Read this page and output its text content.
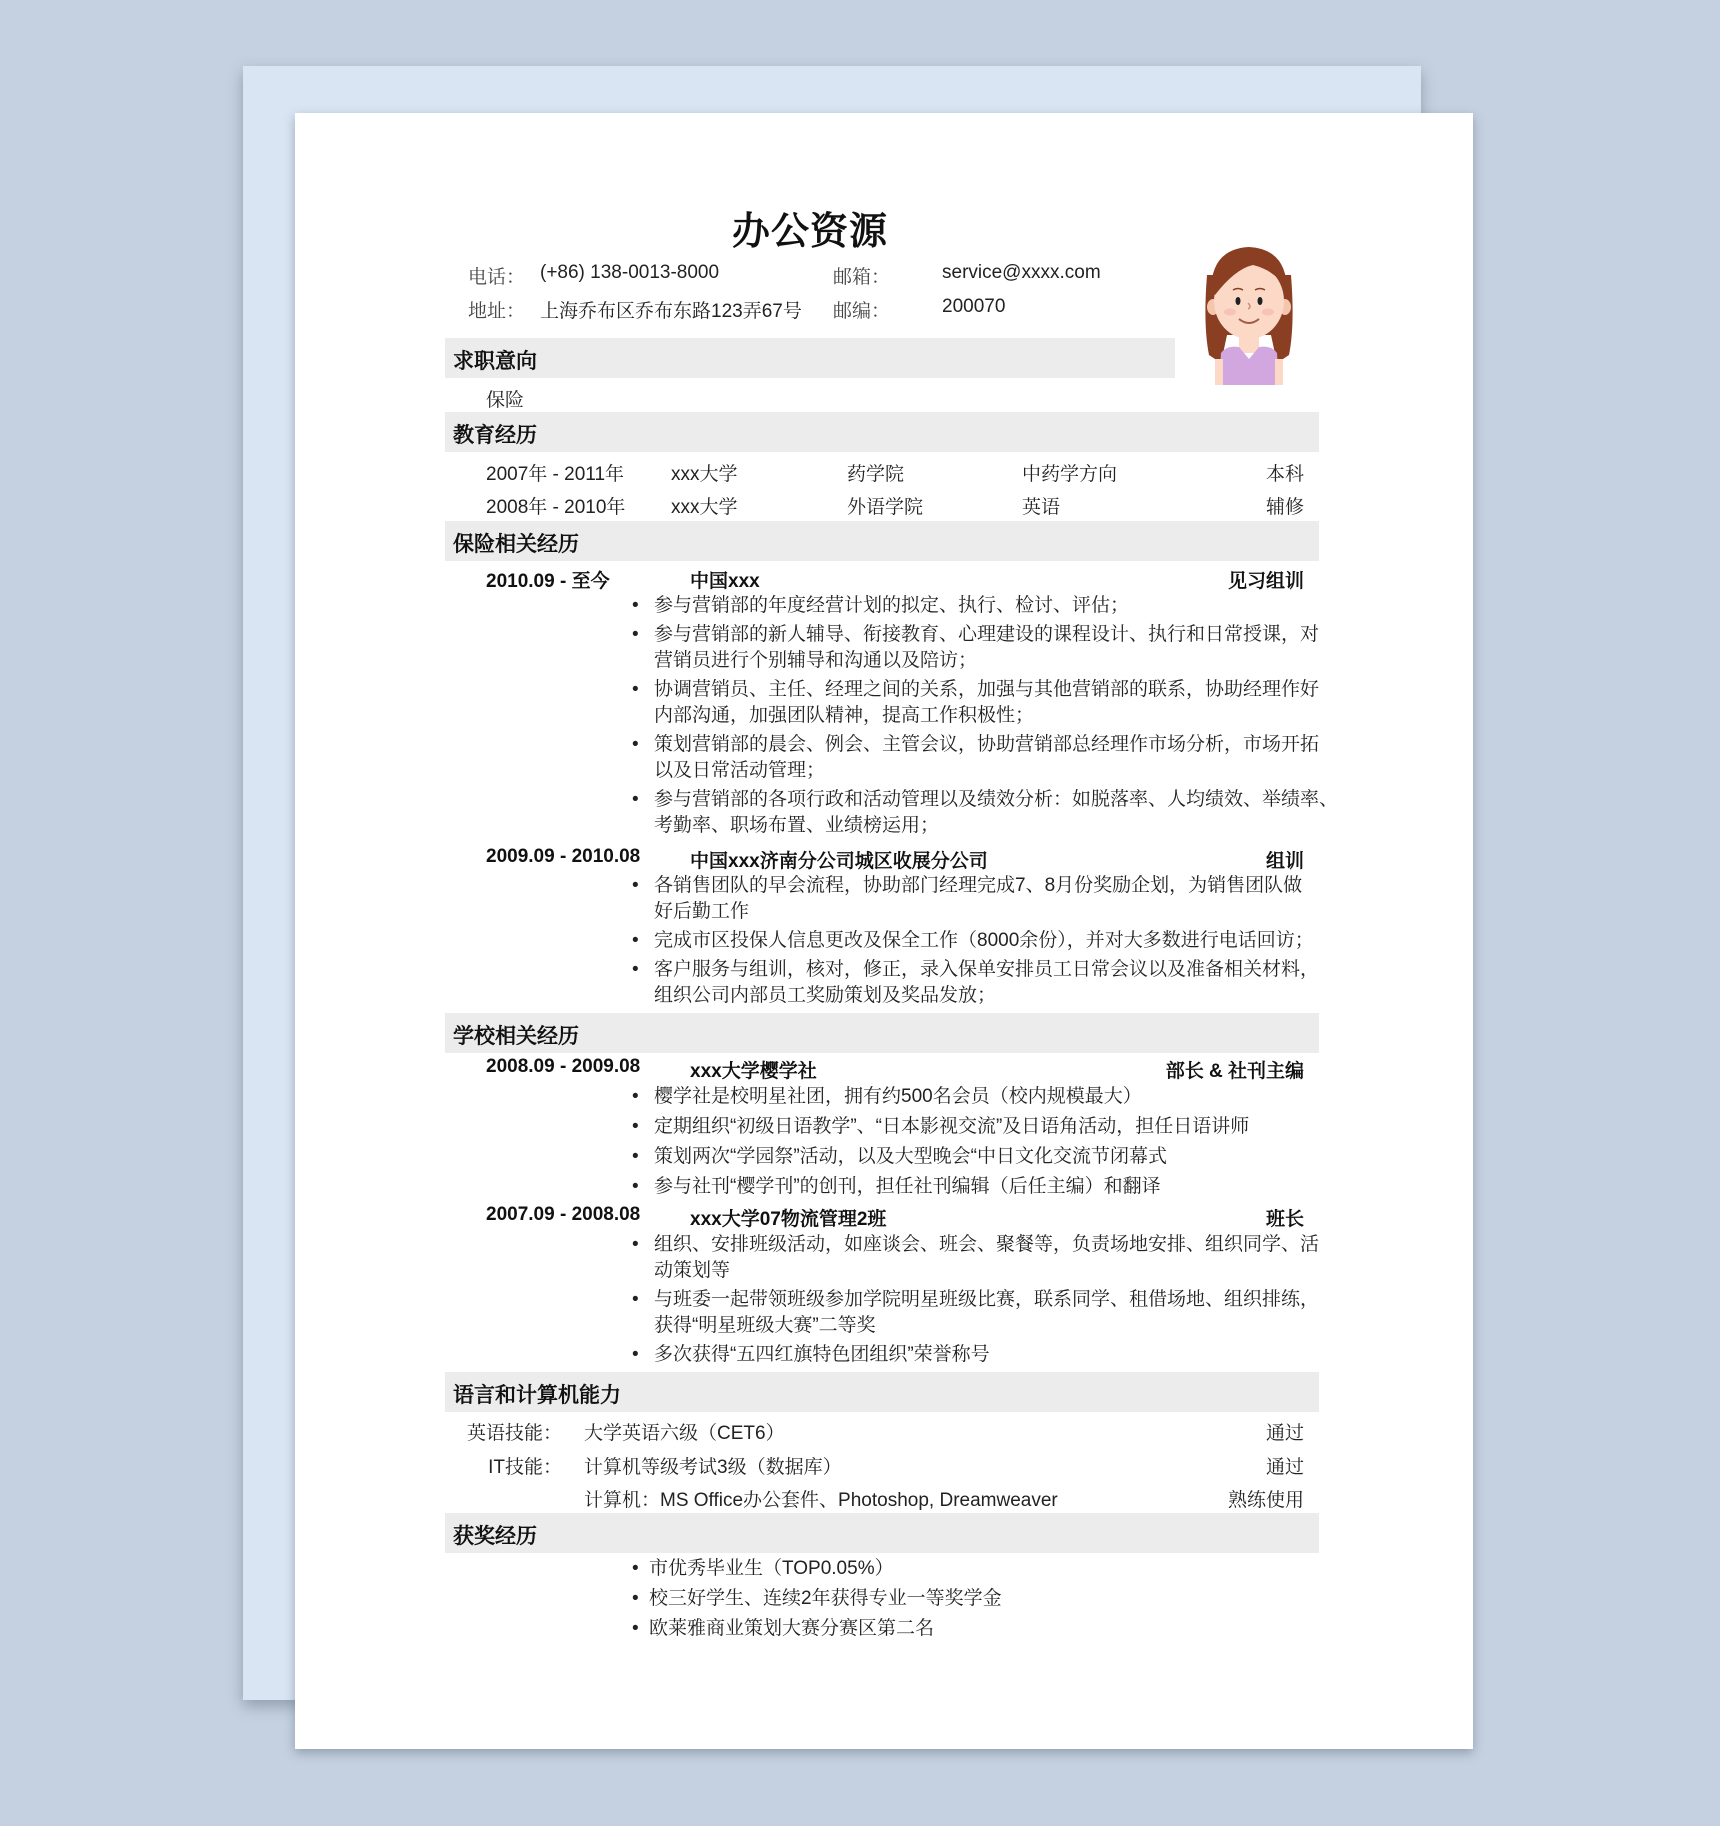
办公资源
电话： (+86) 138-0013-8000	邮箱：	service@xxxx.com
地址： 上海乔布区乔布东路123弄67号 邮编：	200070
求职意向
保险
教育经历
2007年 - 2011年 xxx大学	药学院	中药学方向	本科
2008年 - 2010年 xxx大学	外语学院	英语	辅修
保险相关经历
2010.09 - 至今	中国xxx	见习组训
• 参与营销部的年度经营计划的拟定、执行、检讨、评估；
• 参与营销部的新人辅导、衔接教育、心理建设的课程设计、执行和日常授课，对
营销员进行个别辅导和沟通以及陪访；
• 协调营销员、主任、经理之间的关系，加强与其他营销部的联系，协助经理作好
内部沟通，加强团队精神，提高工作积极性；
• 策划营销部的晨会、例会、主管会议，协助营销部总经理作市场分析，市场开拓
以及日常活动管理；
• 参与营销部的各项行政和活动管理以及绩效分析：如脱落率、人均绩效、举绩率、
考勤率、职场布置、业绩榜运用；
2009.09 - 2010.08	中国xxx济南分公司城区收展分公司	组训
• 各销售团队的早会流程，协助部门经理完成7、8月份奖励企划，为销售团队做
好后勤工作
• 完成市区投保人信息更改及保全工作（8000余份），并对大多数进行电话回访；
• 客户服务与组训，核对，修正，录入保单安排员工日常会议以及准备相关材料，
组织公司内部员工奖励策划及奖品发放；
学校相关经历
2008.09 - 2009.08	xxx大学樱学社	部长 & 社刊主编
• 樱学社是校明星社团，拥有约500名会员（校内规模最大）
• 定期组织“初级日语教学”、“日本影视交流”及日语角活动，担任日语讲师
• 策划两次“学园祭”活动，以及大型晚会“中日文化交流节闭幕式
• 参与社刊“樱学刊”的创刊，担任社刊编辑（后任主编）和翻译
2007.09 - 2008.08	xxx大学07物流管理2班	班长
• 组织、安排班级活动，如座谈会、班会、聚餐等，负责场地安排、组织同学、活
动策划等
• 与班委一起带领班级参加学院明星班级比赛，联系同学、租借场地、组织排练，
获得“明星班级大赛”二等奖
• 多次获得“五四红旗特色团组织”荣誉称号
语言和计算机能力
英语技能： 大学英语六级（CET6）	通过
IT技能： 计算机等级考试3级（数据库）	通过
计算机：MS Office办公套件、Photoshop, Dreamweaver	熟练使用
获奖经历
• 市优秀毕业生（TOP0.05%）
• 校三好学生、连续2年获得专业一等奖学金
• 欧莱雅商业策划大赛分赛区第二名
